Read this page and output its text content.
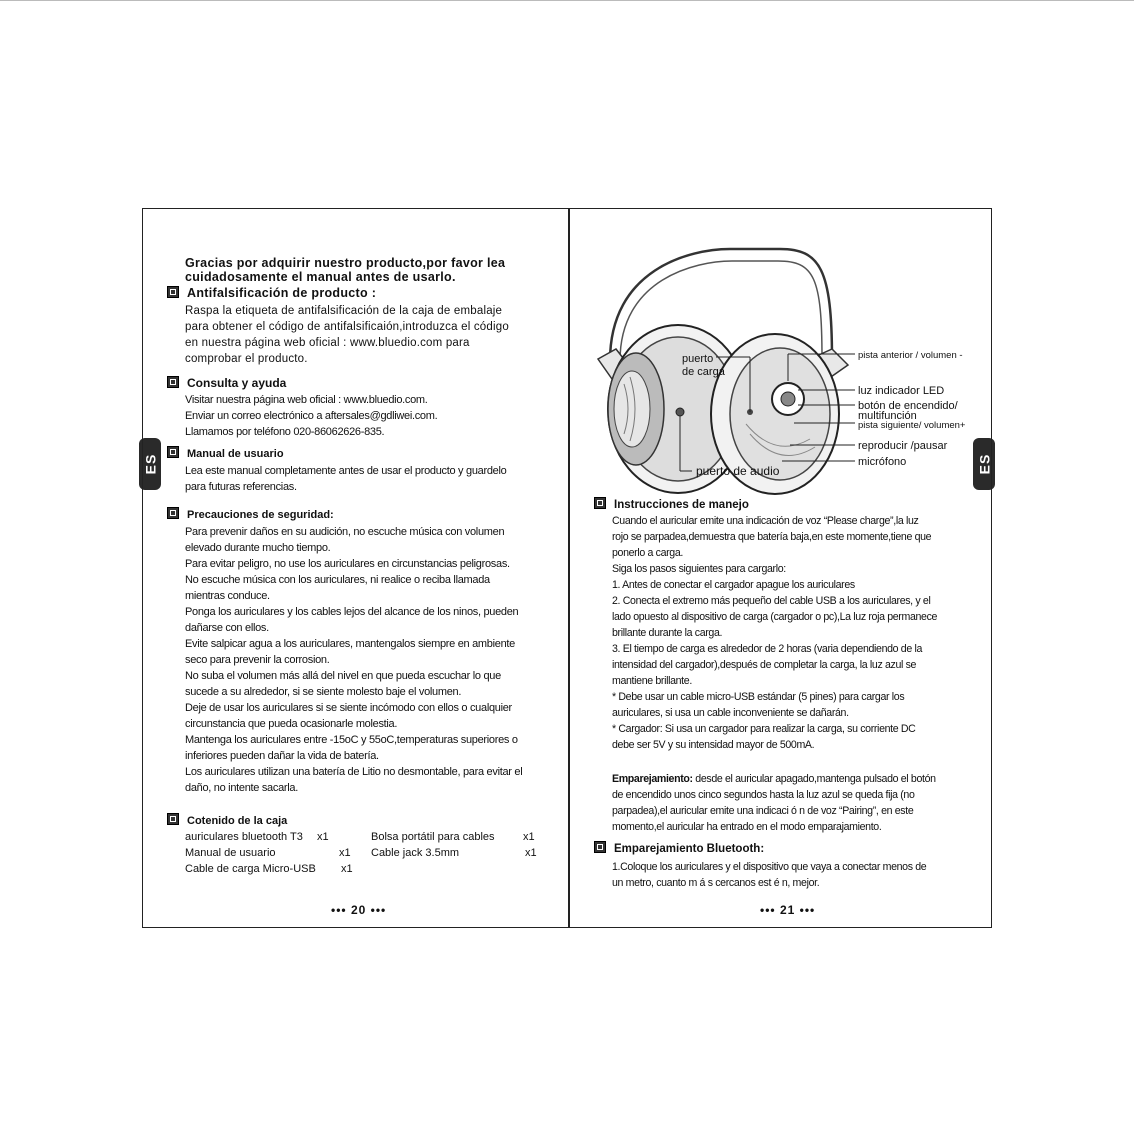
ES	ES
Gracias por adquirir nuestro producto,por favor lea
cuidadosamente el manual antes de usarlo.
Antifalsificación de producto :
Raspa la etiqueta de antifalsificación de la caja de embalaje
para obtener el código de antifalsificaión,introduzca el código
en nuestra página web oficial : www.bluedio.com para
comprobar el producto.
Consulta y ayuda
Visitar nuestra página web oficial : www.bluedio.com.
Enviar un correo electrónico a aftersales@gdliwei.com.
Llamamos por teléfono 020-86062626-835.
Manual de usuario
Lea este manual completamente antes de usar el producto y guardelo
para futuras referencias.
Precauciones de seguridad:
Para prevenir daños en su audición, no escuche música con volumen
elevado durante mucho tiempo.
Para evitar peligro, no use los auriculares en circunstancias peligrosas.
No escuche música con los auriculares, ni realice o reciba llamada
mientras conduce.
Ponga los auriculares y los cables lejos del alcance de los ninos, pueden
dañarse con ellos.
Evite salpicar agua a los auriculares, mantengalos siempre en ambiente
seco para prevenir la corrosion.
No suba el volumen más allá del nivel en que pueda escuchar lo que
sucede a su alrededor, si se siente molesto baje el volumen.
Deje de usar los auriculares si se siente incómodo con ellos o cualquier
circunstancia que pueda ocasionarle molestia.
Mantenga los auriculares entre -15oC y 55oC,temperaturas superiores o
inferiores pueden dañar la vida de batería.
Los auriculares utilizan una batería de Litio no desmontable, para evitar el
daño, no intente sacarla.
Cotenido de la caja
auriculares bluetooth T3 x1	Bolsa portátil para cables	x1
Manual de usuario	x1 Cable jack 3.5mm	x1
Cable de carga Micro-USB x1
••• 20 •••
puerto
de carga
puerto de audio
pista anterior / volumen -
luz indicador LED
botón de encendido/
multifunción
pista siguiente/ volumen+
reproducir /pausar
micrófono
Instrucciones de manejo
Cuando el auricular emite una indicación de voz “Please charge”,la luz
rojo se parpadea,demuestra que batería baja,en este momente,tiene que
ponerlo a carga.
Siga los pasos siguientes para cargarlo:
1. Antes de conectar el cargador apague los auriculares
2. Conecta el extremo más pequeño del cable USB a los auriculares, y el
lado opuesto al dispositivo de carga (cargador o pc),La luz roja permanece
brillante durante la carga.
3. El tiempo de carga es alrededor de 2 horas (varia dependiendo de la
intensidad del cargador),después de completar la carga, la luz azul se
mantiene brillante.
* Debe usar un cable micro-USB estándar (5 pines) para cargar los
auriculares, si usa un cable inconveniente se dañarán.
* Cargador: Si usa un cargador para realizar la carga, su corriente DC
debe ser 5V y su intensidad mayor de 500mA.
Emparejamiento: desde el auricular apagado,mantenga pulsado el botón
de encendido unos cinco segundos hasta la luz azul se queda fija (no
parpadea),el auricular emite una indicaci ó n de voz “Pairing”, en este
momento,el auricular ha entrado en el modo emparajamiento.
Emparejamiento Bluetooth:
1.Coloque los auriculares y el dispositivo que vaya a conectar menos de
un metro, cuanto m á s cercanos est é n, mejor.
••• 21 •••
